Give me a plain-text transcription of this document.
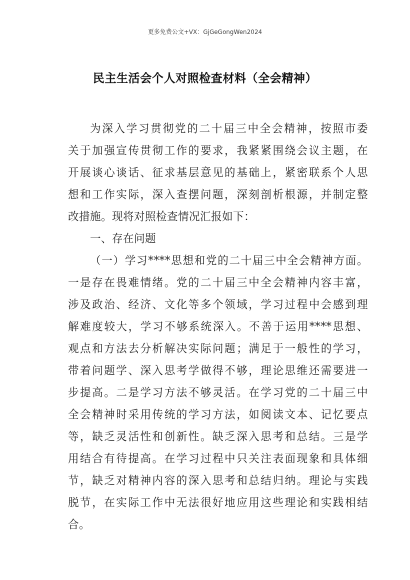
更多免费公文+VX：GjGeGongWen2024
民主生活会个人对照检查材料（全会精神）
为深入学习贯彻党的二十届三中全会精神，按照市委
关于加强宣传贯彻工作的要求，我紧紧围绕会议主题，在
开展谈心谈话、征求基层意见的基础上，紧密联系个人思
想和工作实际，深入查摆问题，深刻剖析根源，并制定整
改措施。现将对照检查情况汇报如下：
一、存在问题
（一）学习****思想和党的二十届三中全会精神方面。
一是存在畏难情绪。党的二十届三中全会精神内容丰富，
涉及政治、经济、文化等多个领域，学习过程中会感到理
解难度较大，学习不够系统深入。不善于运用****思想、
观点和方法去分析解决实际问题；满足于一般性的学习，
带着问题学、深入思考学做得不够，理论思维还需要进一
步提高。二是学习方法不够灵活。在学习党的二十届三中
全会精神时采用传统的学习方法，如阅读文本、记忆要点
等，缺乏灵活性和创新性。缺乏深入思考和总结。三是学
用结合有待提高。在学习过程中只关注表面现象和具体细
节，缺乏对精神内容的深入思考和总结归纳。理论与实践
脱节，在实际工作中无法很好地应用这些理论和实践相结
合。
